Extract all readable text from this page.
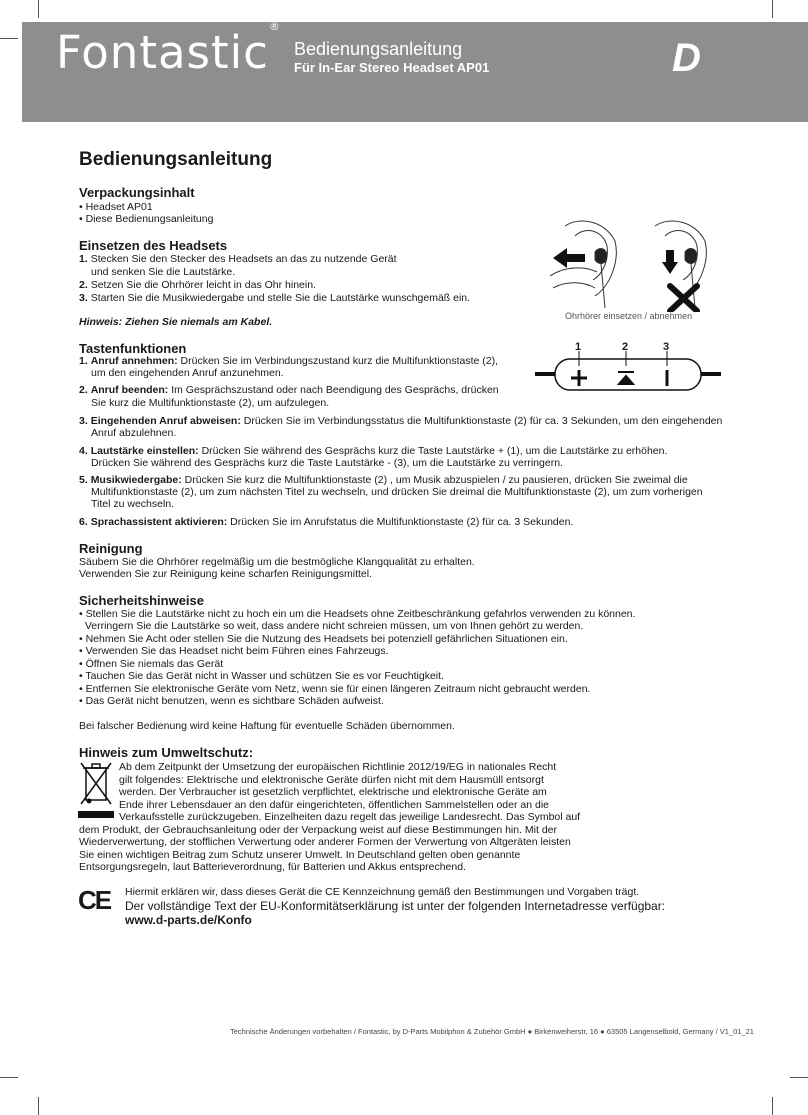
Fontastic®
Bedienungsanleitung
Für In-Ear Stereo Headset AP01	D
Bedienungsanleitung
Verpackungsinhalt
• Headset AP01
• Diese Bedienungsanleitung
Einsetzen des Headsets
1. Stecken Sie den Stecker des Headsets an das zu nutzende Gerät
und senken Sie die Lautstärke.
2. Setzen Sie die Ohrhörer leicht in das Ohr hinein.
3. Starten Sie die Musikwiedergabe und stelle Sie die Lautstärke wunschgemäß ein.
Hinweis: Ziehen Sie niemals am Kabel.	Ohrhörer einsetzen / abnehmen
Tastenfunktionen	1	2	3
1. Anruf annehmen: Drücken Sie im Verbindungszustand kurz die Multifunktionstaste (2),
um den eingehenden Anruf anzunehmen.
2. Anruf beenden: Im Gesprächszustand oder nach Beendigung des Gesprächs, drücken
Sie kurz die Multifunktionstaste (2), um aufzulegen.
3. Eingehenden Anruf abweisen: Drücken Sie im Verbindungsstatus die Multifunktionstaste (2) für ca. 3 Sekunden, um den eingehenden
Anruf abzulehnen.
4. Lautstärke einstellen: Drücken Sie während des Gesprächs kurz die Taste Lautstärke + (1), um die Lautstärke zu erhöhen.
Drücken Sie während des Gesprächs kurz die Taste Lautstärke - (3), um die Lautstärke zu verringern.
5. Musikwiedergabe: Drücken Sie kurz die Multifunktionstaste (2) , um Musik abzuspielen / zu pausieren, drücken Sie zweimal die
Multifunktionstaste (2), um zum nächsten Titel zu wechseln, und drücken Sie dreimal die Multifunktionstaste (2), um zum vorherigen
Titel zu wechseln.
6. Sprachassistent aktivieren: Drücken Sie im Anrufstatus die Multifunktionstaste (2) für ca. 3 Sekunden.
Reinigung
Säubern Sie die Ohrhörer regelmäßig um die bestmögliche Klangqualität zu erhalten.
Verwenden Sie zur Reinigung keine scharfen Reinigungsmittel.
Sicherheitshinweise
• Stellen Sie die Lautstärke nicht zu hoch ein um die Headsets ohne Zeitbeschränkung gefahrlos verwenden zu können.
Verringern Sie die Lautstärke so weit, dass andere nicht schreien müssen, um von Ihnen gehört zu werden.
• Nehmen Sie Acht oder stellen Sie die Nutzung des Headsets bei potenziell gefährlichen Situationen ein.
• Verwenden Sie das Headset nicht beim Führen eines Fahrzeugs.
• Öffnen Sie niemals das Gerät
• Tauchen Sie das Gerät nicht in Wasser und schützen Sie es vor Feuchtigkeit.
• Entfernen Sie elektronische Geräte vom Netz, wenn sie für einen längeren Zeitraum nicht gebraucht werden.
• Das Gerät nicht benutzen, wenn es sichtbare Schäden aufweist.
Bei falscher Bedienung wird keine Haftung für eventuelle Schäden übernommen.
Hinweis zum Umweltschutz:
Ab dem Zeitpunkt der Umsetzung der europäischen Richtlinie 2012/19/EG in nationales Recht
gilt folgendes: Elektrische und elektronische Geräte dürfen nicht mit dem Hausmüll entsorgt
werden. Der Verbraucher ist gesetzlich verpflichtet, elektrische und elektronische Geräte am
Ende ihrer Lebensdauer an den dafür eingerichteten, öffentlichen Sammelstellen oder an die
Verkaufsstelle zurückzugeben. Einzelheiten dazu regelt das jeweilige Landesrecht. Das Symbol auf
dem Produkt, der Gebrauchsanleitung oder der Verpackung weist auf diese Bestimmungen hin. Mit der
Wiederverwertung, der stofflichen Verwertung oder anderer Formen der Verwertung von Altgeräten leisten
Sie einen wichtigen Beitrag zum Schutz unserer Umwelt. In Deutschland gelten oben genannte
Entsorgungsregeln, laut Batterieverordnung, für Batterien und Akkus entsprechend.
CE Hiermit erklären wir, dass dieses Gerät die CE Kennzeichnung gemäß den Bestimmungen und Vorgaben trägt.
Der vollständige Text der EU-Konformitätserklärung ist unter der folgenden Internetadresse verfügbar:
www.d-parts.de/Konfo
Technische Änderungen vorbehalten / Fontastic, by D-Parts Mobilphon & Zubehör GmbH ● Birkenweiherstr, 16 ● 63505 Langenselbold, Germany / V1_01_21
